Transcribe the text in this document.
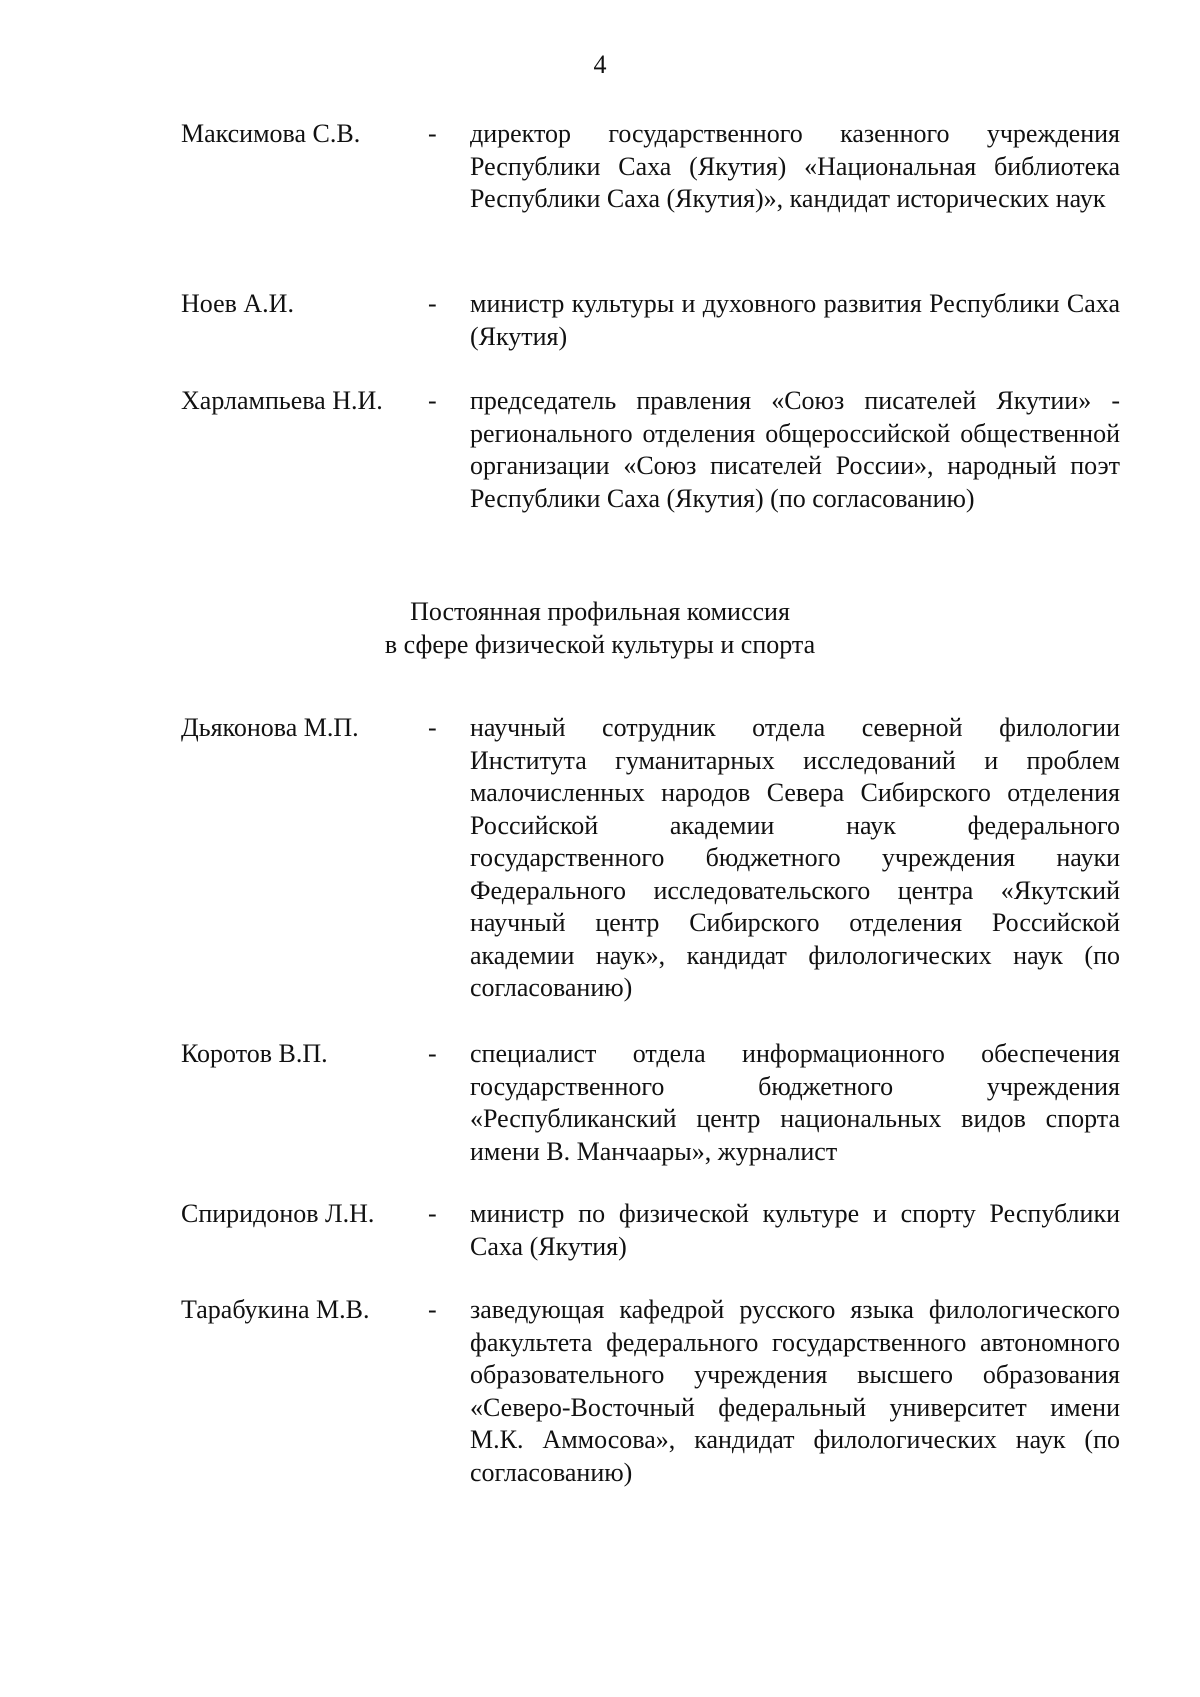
4
Максимова С.В.	- директор государственного казенного учреждения Республики Саха (Якутия) «Национальная библиотека Республики Саха (Якутия)», кандидат исторических наук

Ноев А.И.	- министр культуры и духовного развития Республики Саха (Якутия)

Харлампьева Н.И. - председатель правления «Союз писателей Якутии» - регионального отделения общероссийской общественной организации «Союз писателей России», народный поэт Республики Саха (Якутия) (по согласованию)

Постоянная профильная комиссия
в сфере физической культуры и спорта
Дьяконова М.П.	- научный сотрудник отдела северной филологии Института гуманитарных исследований и проблем малочисленных народов Севера Сибирского отделения Российской академии наук федерального государственного бюджетного учреждения науки Федерального исследовательского центра «Якутский научный центр Сибирского отделения Российской академии наук», кандидат филологических наук (по согласованию)

Коротов В.П.	- специалист отдела информационного обеспечения государственного бюджетного учреждения «Республиканский центр национальных видов спорта имени В. Манчаары», журналист

Спиридонов Л.Н. - министр по физической культуре и спорту Республики Саха (Якутия)

Тарабукина М.В. - заведующая кафедрой русского языка филологического факультета федерального государственного автономного образовательного учреждения высшего образования «Северо-Восточный федеральный университет имени М.К. Аммосова», кандидат филологических наук (по согласованию)
